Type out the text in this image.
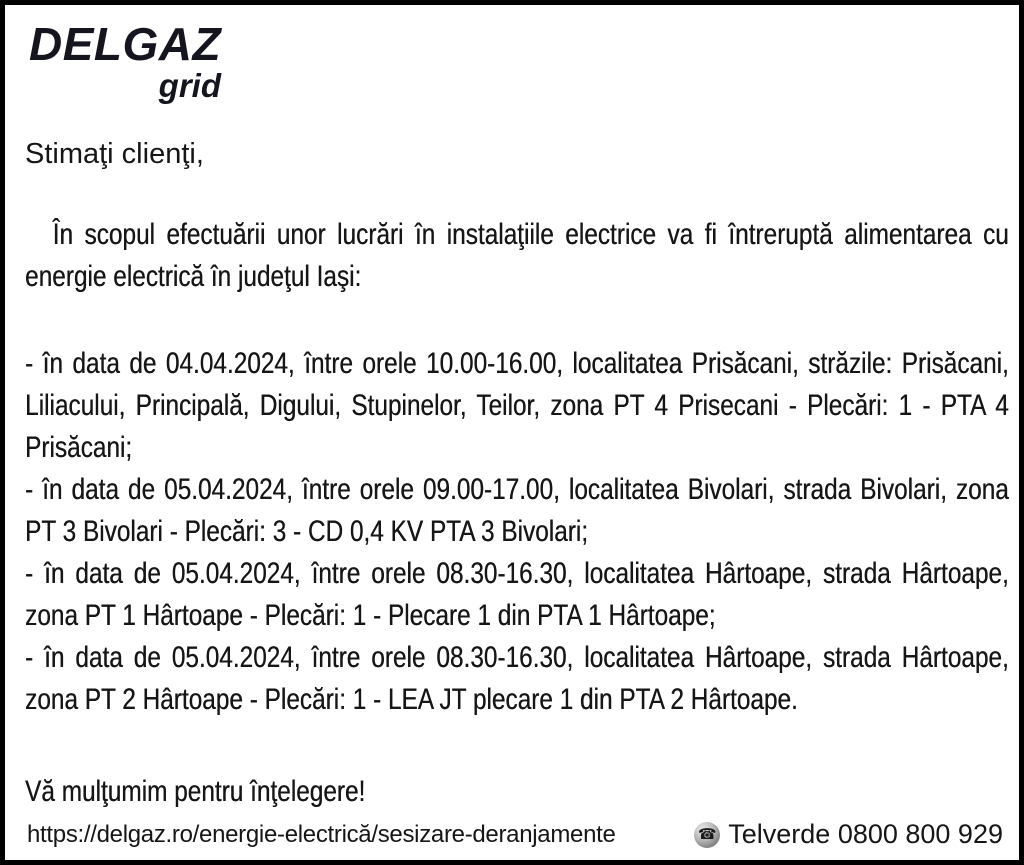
DELGAZ
grid

Stimaţi clienţi,

În scopul efectuării unor lucrări în instalaţiile electrice va fi întreruptă alimentarea cu energie electrică în judeţul Iaşi:

- în data de 04.04.2024, între orele 10.00-16.00, localitatea Prisăcani, străzile: Prisăcani, Liliacului, Principală, Digului, Stupinelor, Teilor, zona PT 4 Prisecani - Plecări: 1 - PTA 4 Prisăcani;

- în data de 05.04.2024, între orele 09.00-17.00, localitatea Bivolari, strada Bivolari, zona PT 3 Bivolari - Plecări: 3 - CD 0,4 KV PTA 3 Bivolari;

- în data de 05.04.2024, între orele 08.30-16.30, localitatea Hârtoape, strada Hârtoape, zona PT 1 Hârtoape - Plecări: 1 - Plecare 1 din PTA 1 Hârtoape;

- în data de 05.04.2024, între orele 08.30-16.30, localitatea Hârtoape, strada Hârtoape, zona PT 2 Hârtoape - Plecări: 1 - LEA JT plecare 1 din PTA 2 Hârtoape.

Vă mulţumim pentru înţelegere!

https://delgaz.ro/energie-electrică/sesizare-deranjamente	☎ Telverde 0800 800 929
